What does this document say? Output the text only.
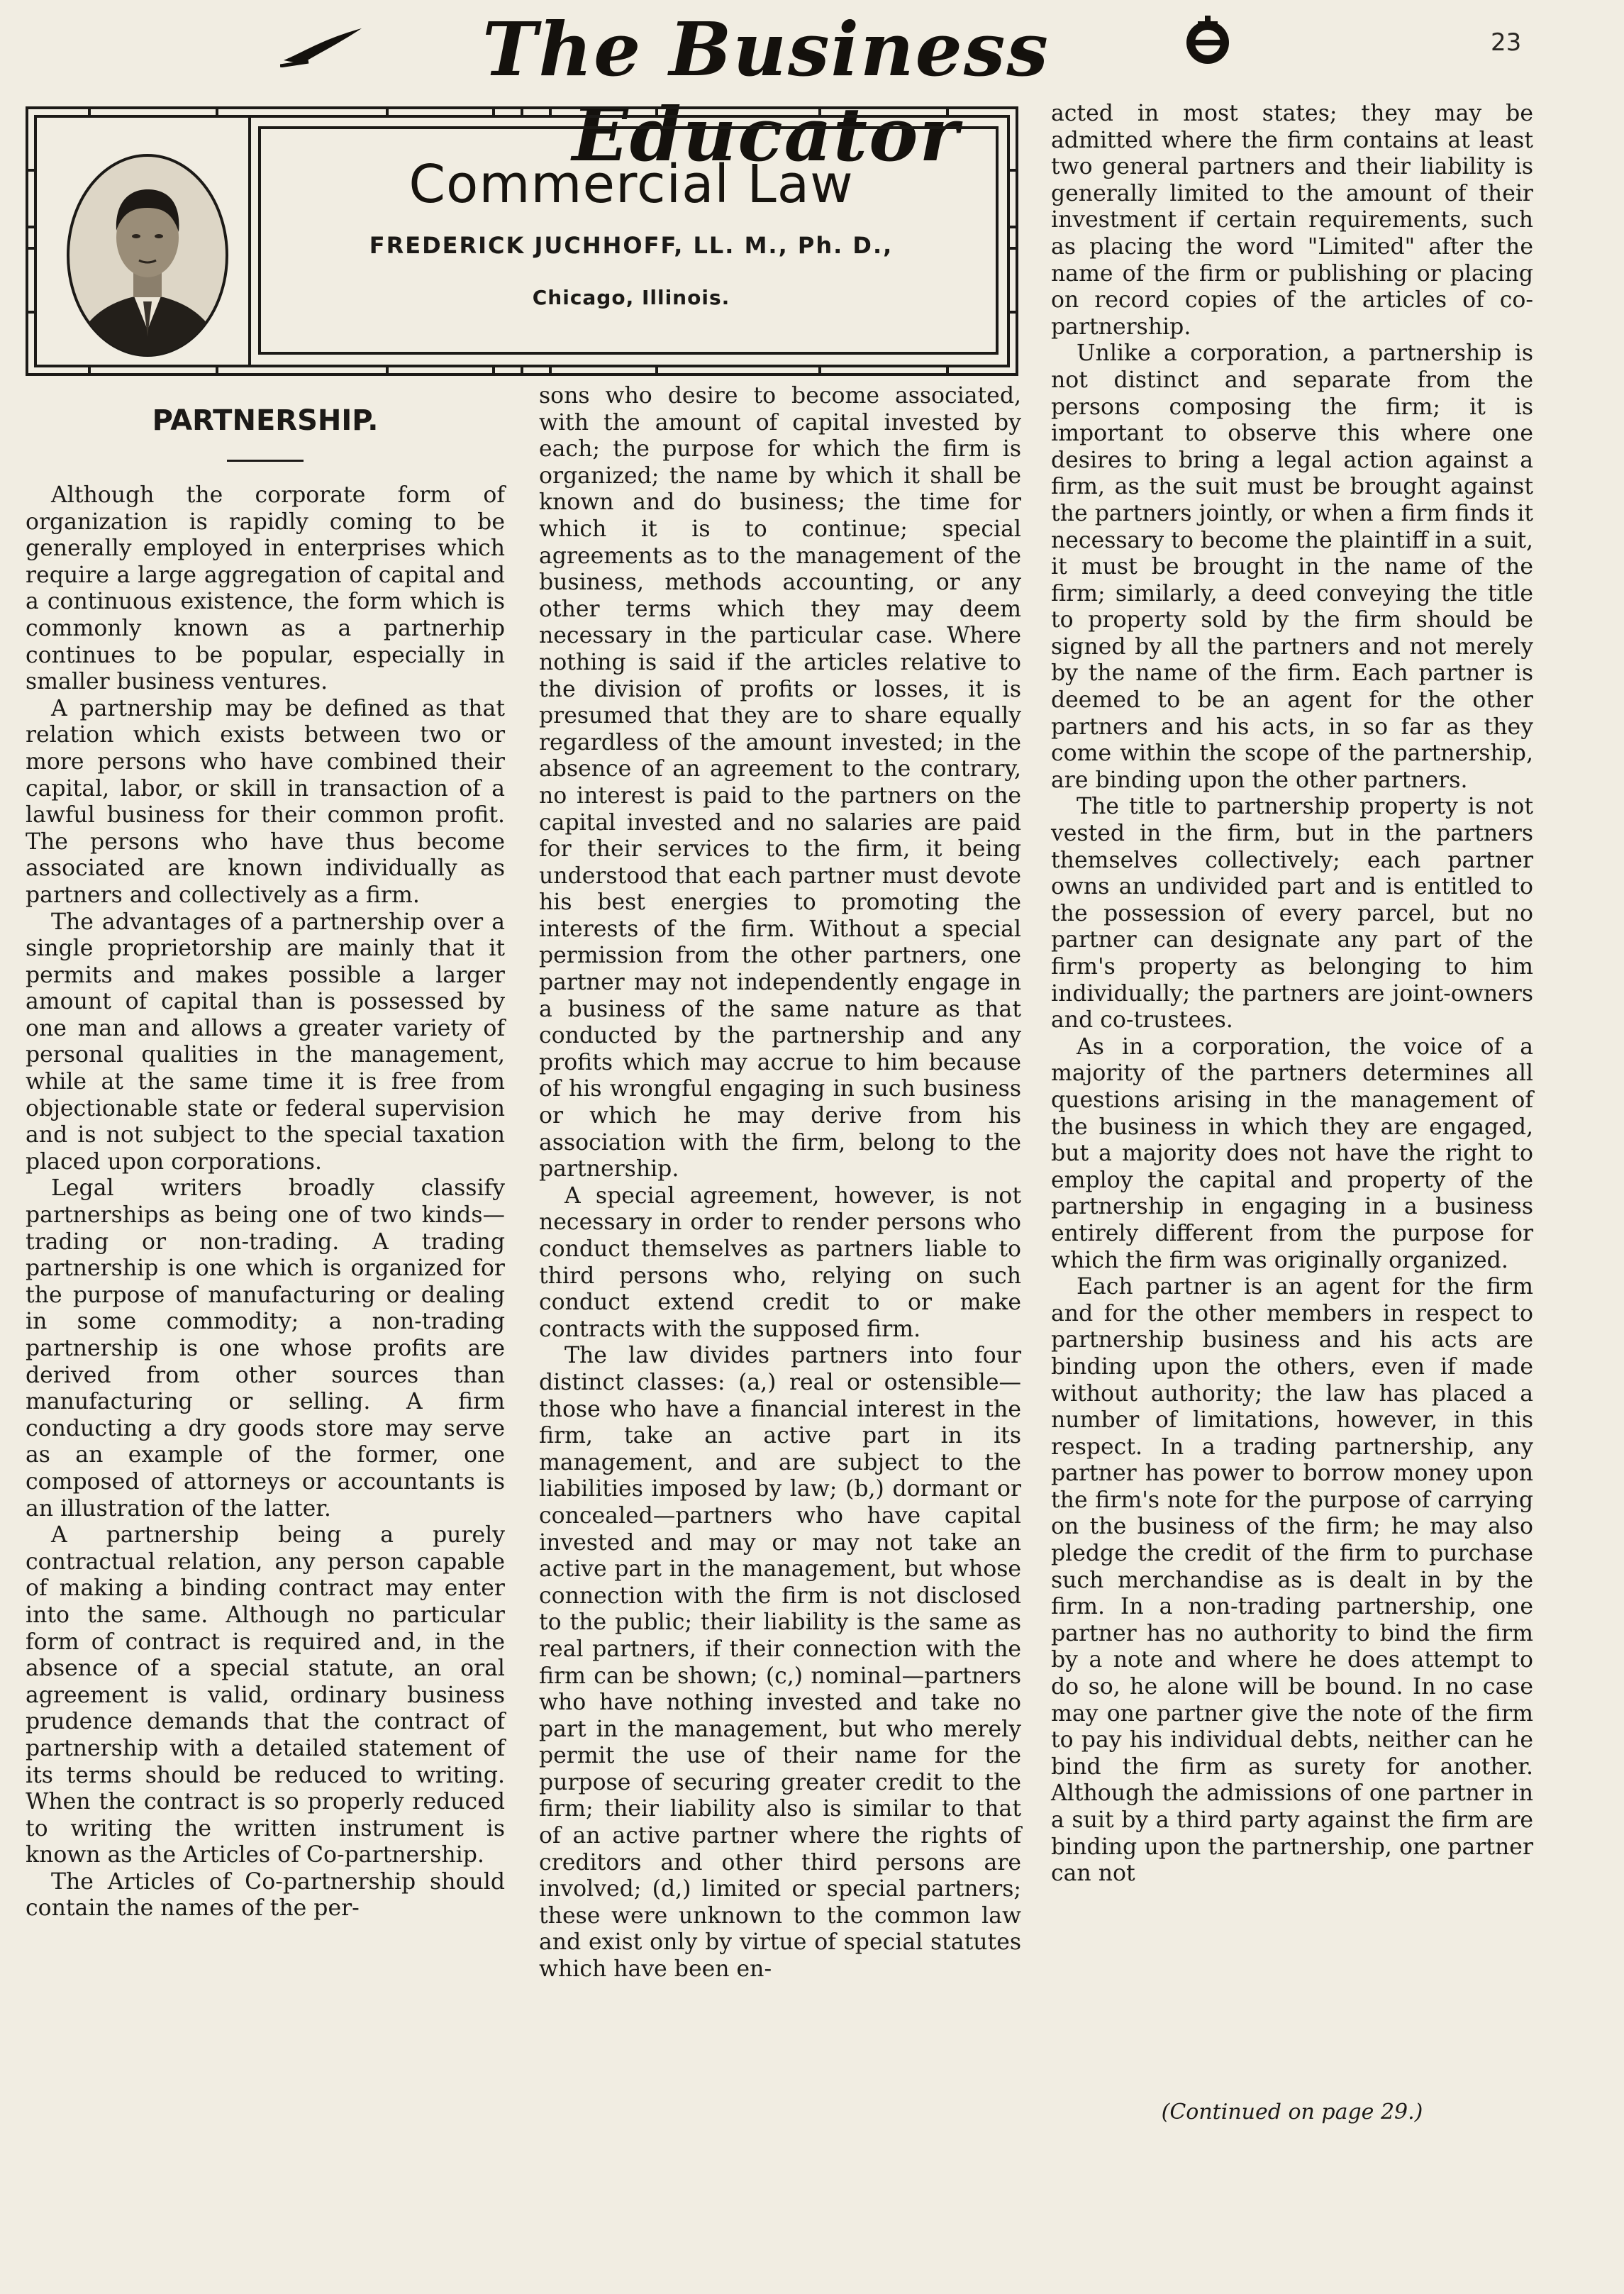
The Business Educator
23
Commercial Law
FREDERICK JUCHHOFF, LL. M., Ph. D.,
Chicago, Illinois.
PARTNERSHIP.

Although the corporate form of organization is rapidly coming to be generally employed in enterprises which require a large aggregation of capital and a continuous existence, the form which is commonly known as a partnerhip continues to be popular, especially in smaller business ventures.

A partnership may be defined as that relation which exists between two or more persons who have combined their capital, labor, or skill in transaction of a lawful business for their common profit. The persons who have thus become associated are known individually as partners and collectively as a firm.

The advantages of a partnership over a single proprietorship are mainly that it permits and makes possible a larger amount of capital than is possessed by one man and allows a greater variety of personal qualities in the management, while at the same time it is free from objectionable state or federal supervision and is not subject to the special taxation placed upon corporations.

Legal writers broadly classify partnerships as being one of two kinds—trading or non-trading. A trading partnership is one which is organized for the purpose of manufacturing or dealing in some commodity; a non-trading partnership is one whose profits are derived from other sources than manufacturing or selling. A firm conducting a dry goods store may serve as an example of the former, one composed of attorneys or accountants is an illustration of the latter.

A partnership being a purely contractual relation, any person capable of making a binding contract may enter into the same. Although no particular form of contract is required and, in the absence of a special statute, an oral agreement is valid, ordinary business prudence demands that the contract of partnership with a detailed statement of its terms should be reduced to writing. When the contract is so properly reduced to writing the written instrument is known as the Articles of Co-partnership.

The Articles of Co-partnership should contain the names of the per-

sons who desire to become associated, with the amount of capital invested by each; the purpose for which the firm is organized; the name by which it shall be known and do business; the time for which it is to continue; special agreements as to the management of the business, methods accounting, or any other terms which they may deem necessary in the particular case. Where nothing is said if the articles relative to the division of profits or losses, it is presumed that they are to share equally regardless of the amount invested; in the absence of an agreement to the contrary, no interest is paid to the partners on the capital invested and no salaries are paid for their services to the firm, it being understood that each partner must devote his best energies to promoting the interests of the firm. Without a special permission from the other partners, one partner may not independently engage in a business of the same nature as that conducted by the partnership and any profits which may accrue to him because of his wrongful engaging in such business or which he may derive from his association with the firm, belong to the partnership.

A special agreement, however, is not necessary in order to render persons who conduct themselves as partners liable to third persons who, relying on such conduct extend credit to or make contracts with the supposed firm.

The law divides partners into four distinct classes: (a,) real or ostensible—those who have a financial interest in the firm, take an active part in its management, and are subject to the liabilities imposed by law; (b,) dormant or concealed—partners who have capital invested and may or may not take an active part in the management, but whose connection with the firm is not disclosed to the public; their liability is the same as real partners, if their connection with the firm can be shown; (c,) nominal—partners who have nothing invested and take no part in the management, but who merely permit the use of their name for the purpose of securing greater credit to the firm; their liability also is similar to that of an active partner where the rights of creditors and other third persons are involved; (d,) limited or special partners; these were unknown to the common law and exist only by virtue of special statutes which have been en-

acted in most states; they may be admitted where the firm contains at least two general partners and their liability is generally limited to the amount of their investment if certain requirements, such as placing the word "Limited" after the name of the firm or publishing or placing on record copies of the articles of co-partnership.

Unlike a corporation, a partnership is not distinct and separate from the persons composing the firm; it is important to observe this where one desires to bring a legal action against a firm, as the suit must be brought against the partners jointly, or when a firm finds it necessary to become the plaintiff in a suit, it must be brought in the name of the firm; similarly, a deed conveying the title to property sold by the firm should be signed by all the partners and not merely by the name of the firm. Each partner is deemed to be an agent for the other partners and his acts, in so far as they come within the scope of the partnership, are binding upon the other partners.

The title to partnership property is not vested in the firm, but in the partners themselves collectively; each partner owns an undivided part and is entitled to the possession of every parcel, but no partner can designate any part of the firm's property as belonging to him individually; the partners are joint-owners and co-trustees.

As in a corporation, the voice of a majority of the partners determines all questions arising in the management of the business in which they are engaged, but a majority does not have the right to employ the capital and property of the partnership in engaging in a business entirely different from the purpose for which the firm was originally organized.

Each partner is an agent for the firm and for the other members in respect to partnership business and his acts are binding upon the others, even if made without authority; the law has placed a number of limitations, however, in this respect. In a trading partnership, any partner has power to borrow money upon the firm's note for the purpose of carrying on the business of the firm; he may also pledge the credit of the firm to purchase such merchandise as is dealt in by the firm. In a non-trading partnership, one partner has no authority to bind the firm by a note and where he does attempt to do so, he alone will be bound. In no case may one partner give the note of the firm to pay his individual debts, neither can he bind the firm as surety for another. Although the admissions of one partner in a suit by a third party against the firm are binding upon the partnership, one partner can not

(Continued on page 29.)
